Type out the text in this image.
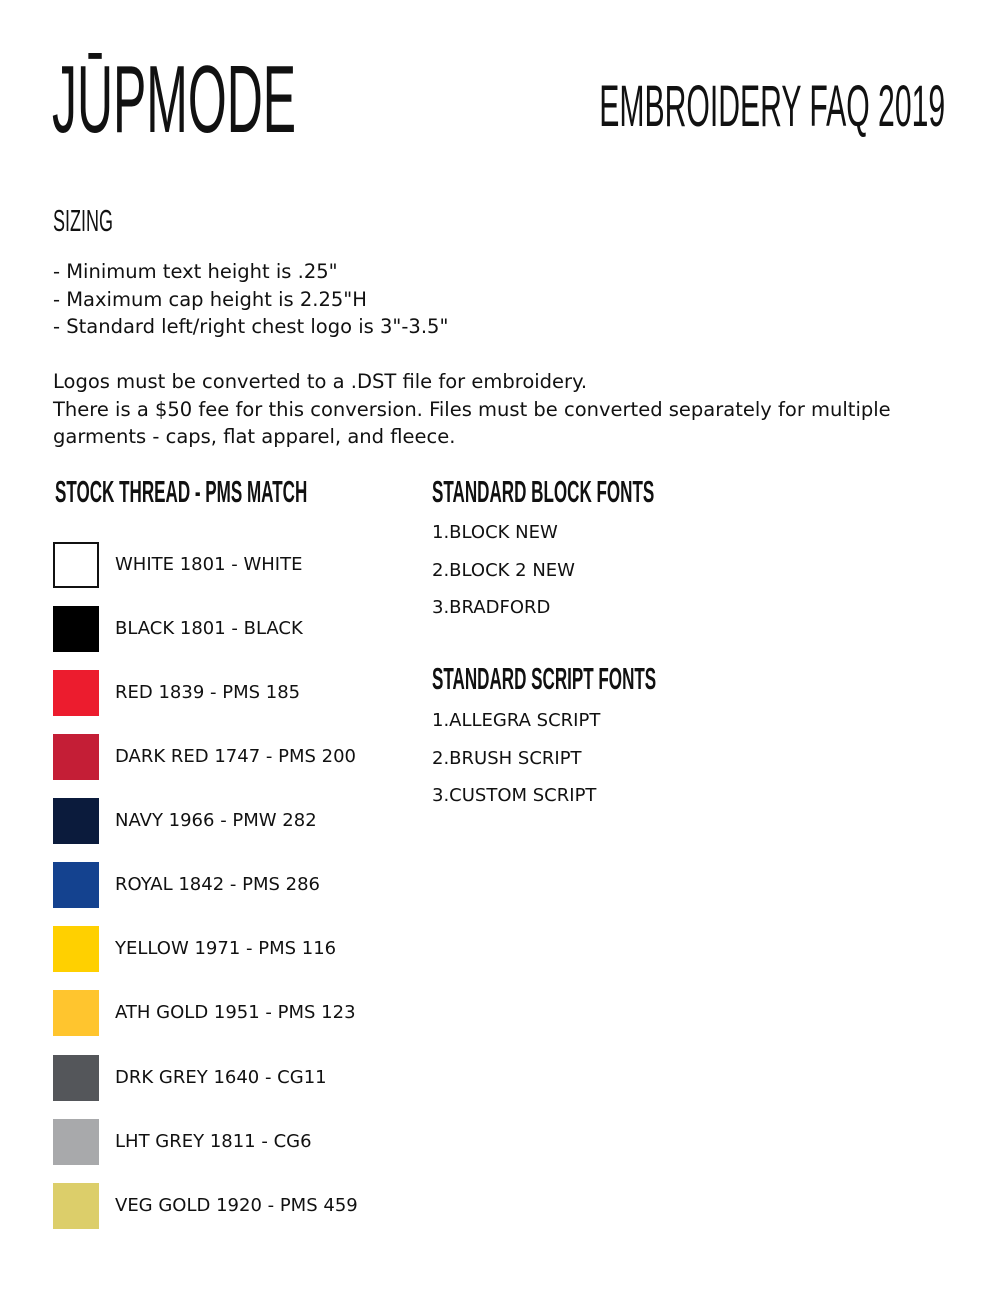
JŪPMODE	EMBROIDERY FAQ 2019
SIZING
- Minimum text height is .25"
- Maximum cap height is 2.25"H
- Standard left/right chest logo is 3"-3.5"

Logos must be converted to a .DST file for embroidery.
There is a $50 fee for this conversion. Files must be converted separately for multiple garments - caps, flat apparel, and fleece.

STOCK THREAD - PMS MATCH
WHITE 1801 - WHITE
BLACK 1801 - BLACK
RED 1839 - PMS 185
DARK RED 1747 - PMS 200
NAVY 1966 - PMW 282
ROYAL 1842 - PMS 286
YELLOW 1971 - PMS 116
ATH GOLD 1951 - PMS 123
DRK GREY 1640 - CG11
LHT GREY 1811 - CG6
VEG GOLD 1920 - PMS 459
STANDARD BLOCK FONTS
1.BLOCK NEW
2.BLOCK 2 NEW
3.BRADFORD
STANDARD SCRIPT FONTS
1.ALLEGRA SCRIPT
2.BRUSH SCRIPT
3.CUSTOM SCRIPT
